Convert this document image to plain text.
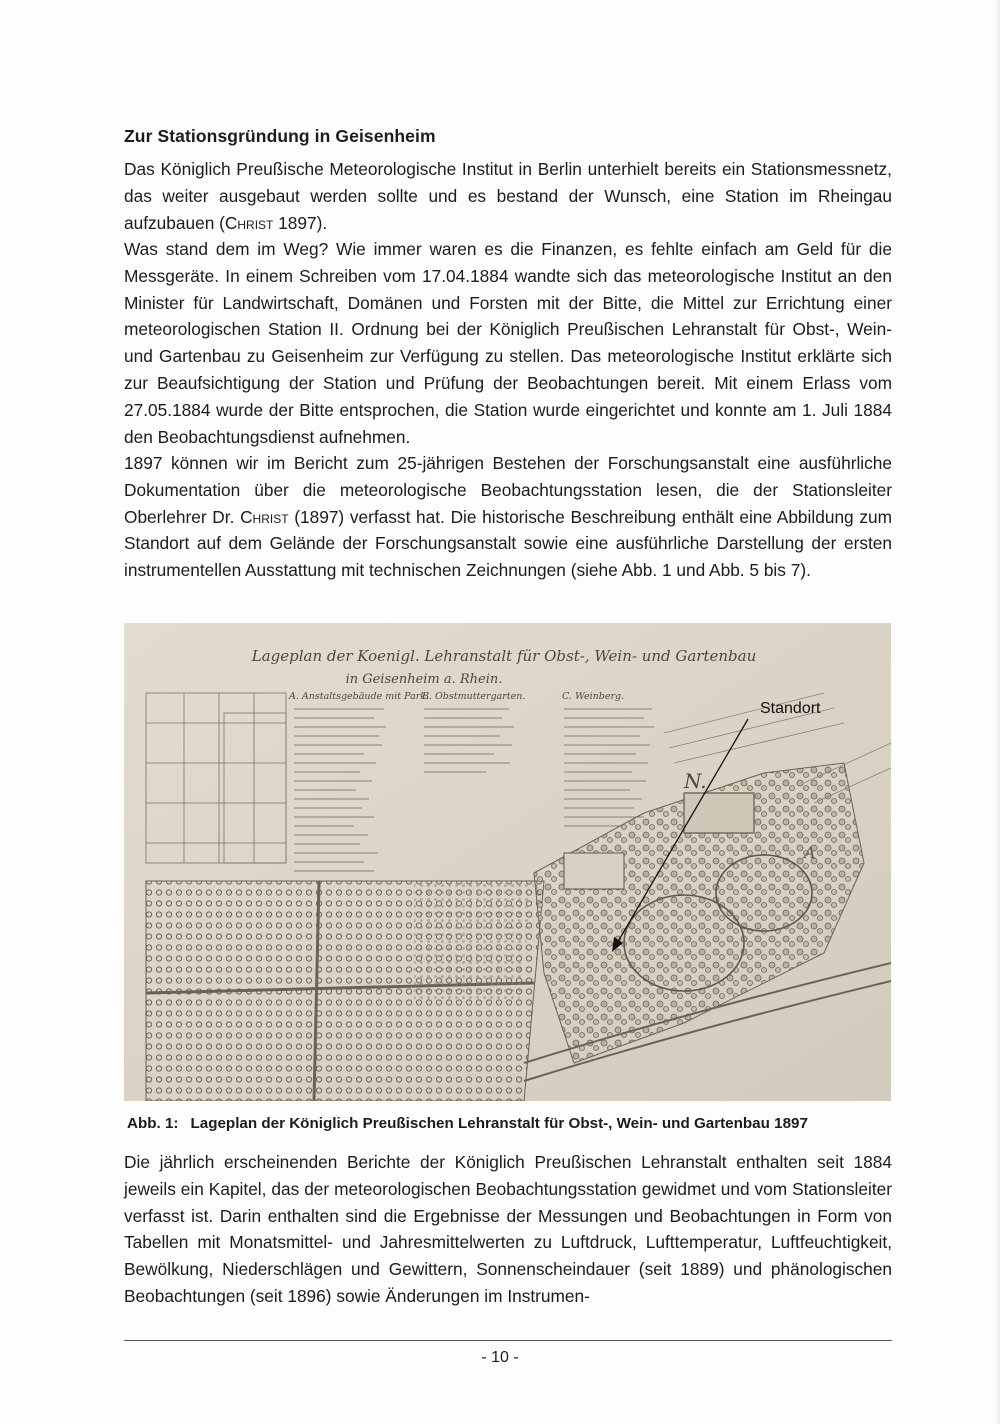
Zur Stationsgründung in Geisenheim

Das Königlich Preußische Meteorologische Institut in Berlin unterhielt bereits ein Stationsmessnetz, das weiter ausgebaut werden sollte und es bestand der Wunsch, eine Station im Rheingau aufzubauen (Christ 1897).

Was stand dem im Weg? Wie immer waren es die Finanzen, es fehlte einfach am Geld für die Messgeräte. In einem Schreiben vom 17.04.1884 wandte sich das meteorologische Institut an den Minister für Landwirtschaft, Domänen und Forsten mit der Bitte, die Mittel zur Errichtung einer meteorologischen Station II. Ordnung bei der Königlich Preußischen Lehranstalt für Obst-, Wein- und Gartenbau zu Geisenheim zur Verfügung zu stellen. Das meteorologische Institut erklärte sich zur Beaufsichtigung der Station und Prüfung der Beobachtungen bereit. Mit einem Erlass vom 27.05.1884 wurde der Bitte entsprochen, die Station wurde eingerichtet und konnte am 1. Juli 1884 den Beobachtungsdienst aufnehmen.

1897 können wir im Bericht zum 25-jährigen Bestehen der Forschungsanstalt eine ausführliche Dokumentation über die meteorologische Beobachtungsstation lesen, die der Stationsleiter Oberlehrer Dr. Christ (1897) verfasst hat. Die historische Beschreibung enthält eine Abbildung zum Standort auf dem Gelände der Forschungsanstalt sowie eine ausführliche Darstellung der ersten instrumentellen Ausstattung mit technischen Zeichnungen (siehe Abb. 1 und Abb. 5 bis 7).

Lageplan der Koenigl. Lehranstalt für Obst-, Wein- und Gartenbau
in Geisenheim a. Rhein.
A. Anstaltsgebäude mit Park.
B. Obstmuttergarten.	C. Weinberg.
A
N.
Standort
Abb. 1: Lageplan der Königlich Preußischen Lehranstalt für Obst-, Wein- und Gartenbau 1897

Die jährlich erscheinenden Berichte der Königlich Preußischen Lehranstalt enthalten seit 1884 jeweils ein Kapitel, das der meteorologischen Beobachtungsstation gewidmet und vom Stationsleiter verfasst ist. Darin enthalten sind die Ergebnisse der Messungen und Beobachtungen in Form von Tabellen mit Monatsmittel- und Jahresmittelwerten zu Luftdruck, Lufttemperatur, Luftfeuchtigkeit, Bewölkung, Niederschlägen und Gewittern, Sonnenscheindauer (seit 1889) und phänologischen Beobachtungen (seit 1896) sowie Änderungen im Instrumen-

- 10 -
